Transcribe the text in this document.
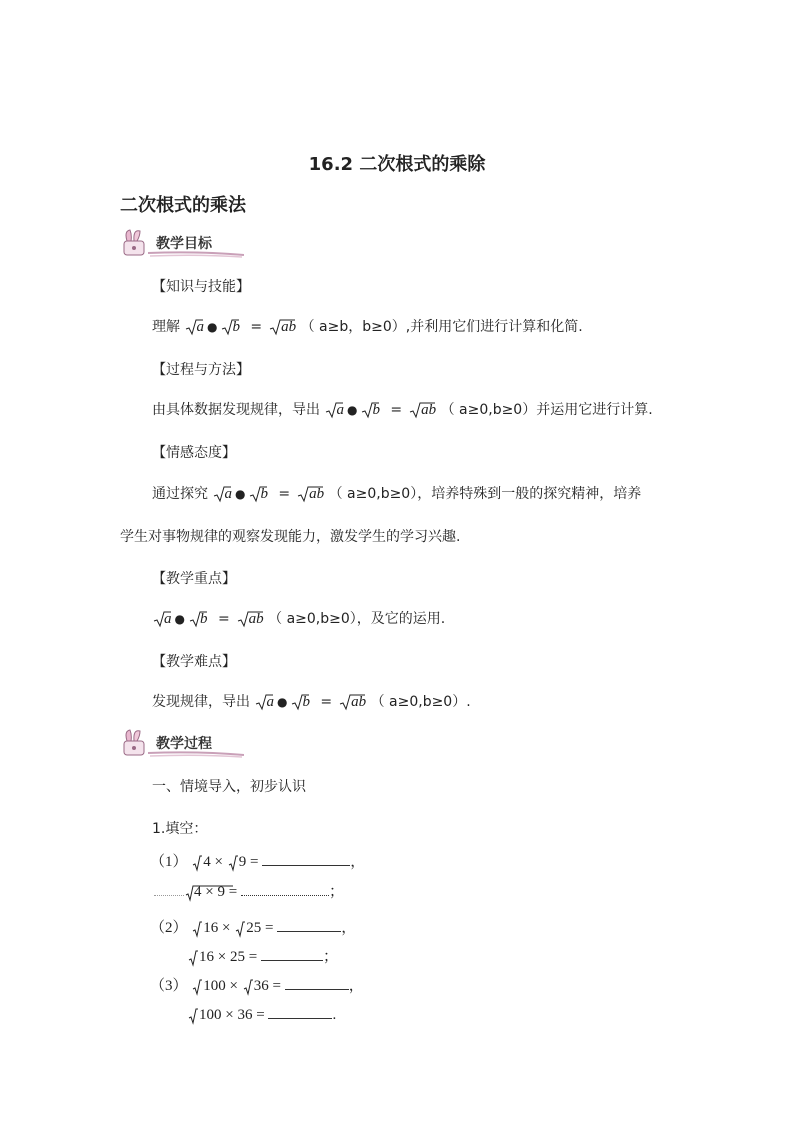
16.2 二次根式的乘除
二次根式的乘法
教学目标
【知识与技能】
理解 a ● b = ab （ a≥b，b≥0）,并利用它们进行计算和化简.
【过程与方法】
由具体数据发现规律，导出 a ● b = ab （ a≥0,b≥0）并运用它进行计算.
【情感态度】
通过探究 a ● b = ab （ a≥0,b≥0），培养特殊到一般的探究精神，培养
学生对事物规律的观察发现能力，激发学生的学习兴趣.
【教学重点】
a ● b = ab （ a≥0,b≥0），及它的运用.
【教学难点】
发现规律，导出 a ● b = ab （ a≥0,b≥0）.
教学过程
一、情境导入，初步认识
1.填空：
（1） 4 × 9 =	，
4 × 9 =	；
（2） 16 × 25 =	，
16 × 25 =	；
（3） 100 × 36 =	，
100 × 36 =	.
